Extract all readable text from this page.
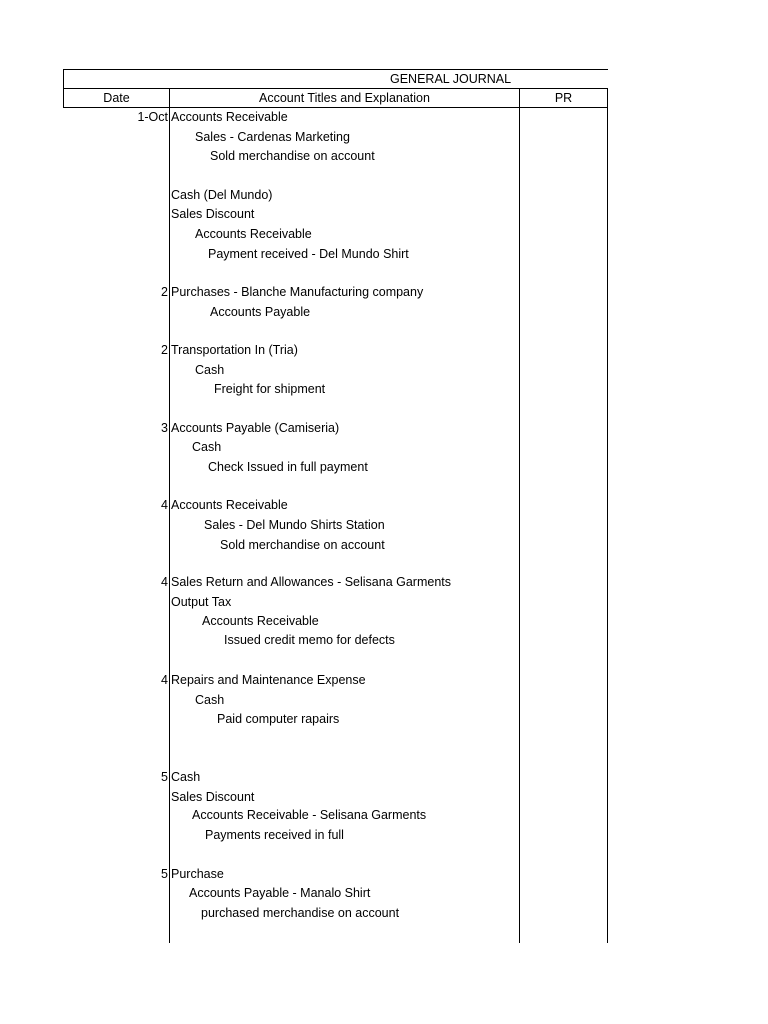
GENERAL JOURNAL
Date	Account Titles and Explanation	PR
1-Oct Accounts Receivable
Sales - Cardenas Marketing
Sold merchandise on account
Cash (Del Mundo)
Sales Discount
Accounts Receivable
Payment received - Del Mundo Shirt
2 Purchases - Blanche Manufacturing company
Accounts Payable
2 Transportation In (Tria)
Cash
Freight for shipment
3 Accounts Payable (Camiseria)
Cash
Check Issued in full payment
4 Accounts Receivable
Sales - Del Mundo Shirts Station
Sold merchandise on account
4 Sales Return and Allowances - Selisana Garments
Output Tax
Accounts Receivable
Issued credit memo for defects
4 Repairs and Maintenance Expense
Cash
Paid computer rapairs
5 Cash
Sales Discount
Accounts Receivable - Selisana Garments
Payments received in full
5 Purchase
Accounts Payable - Manalo Shirt
purchased merchandise on account
